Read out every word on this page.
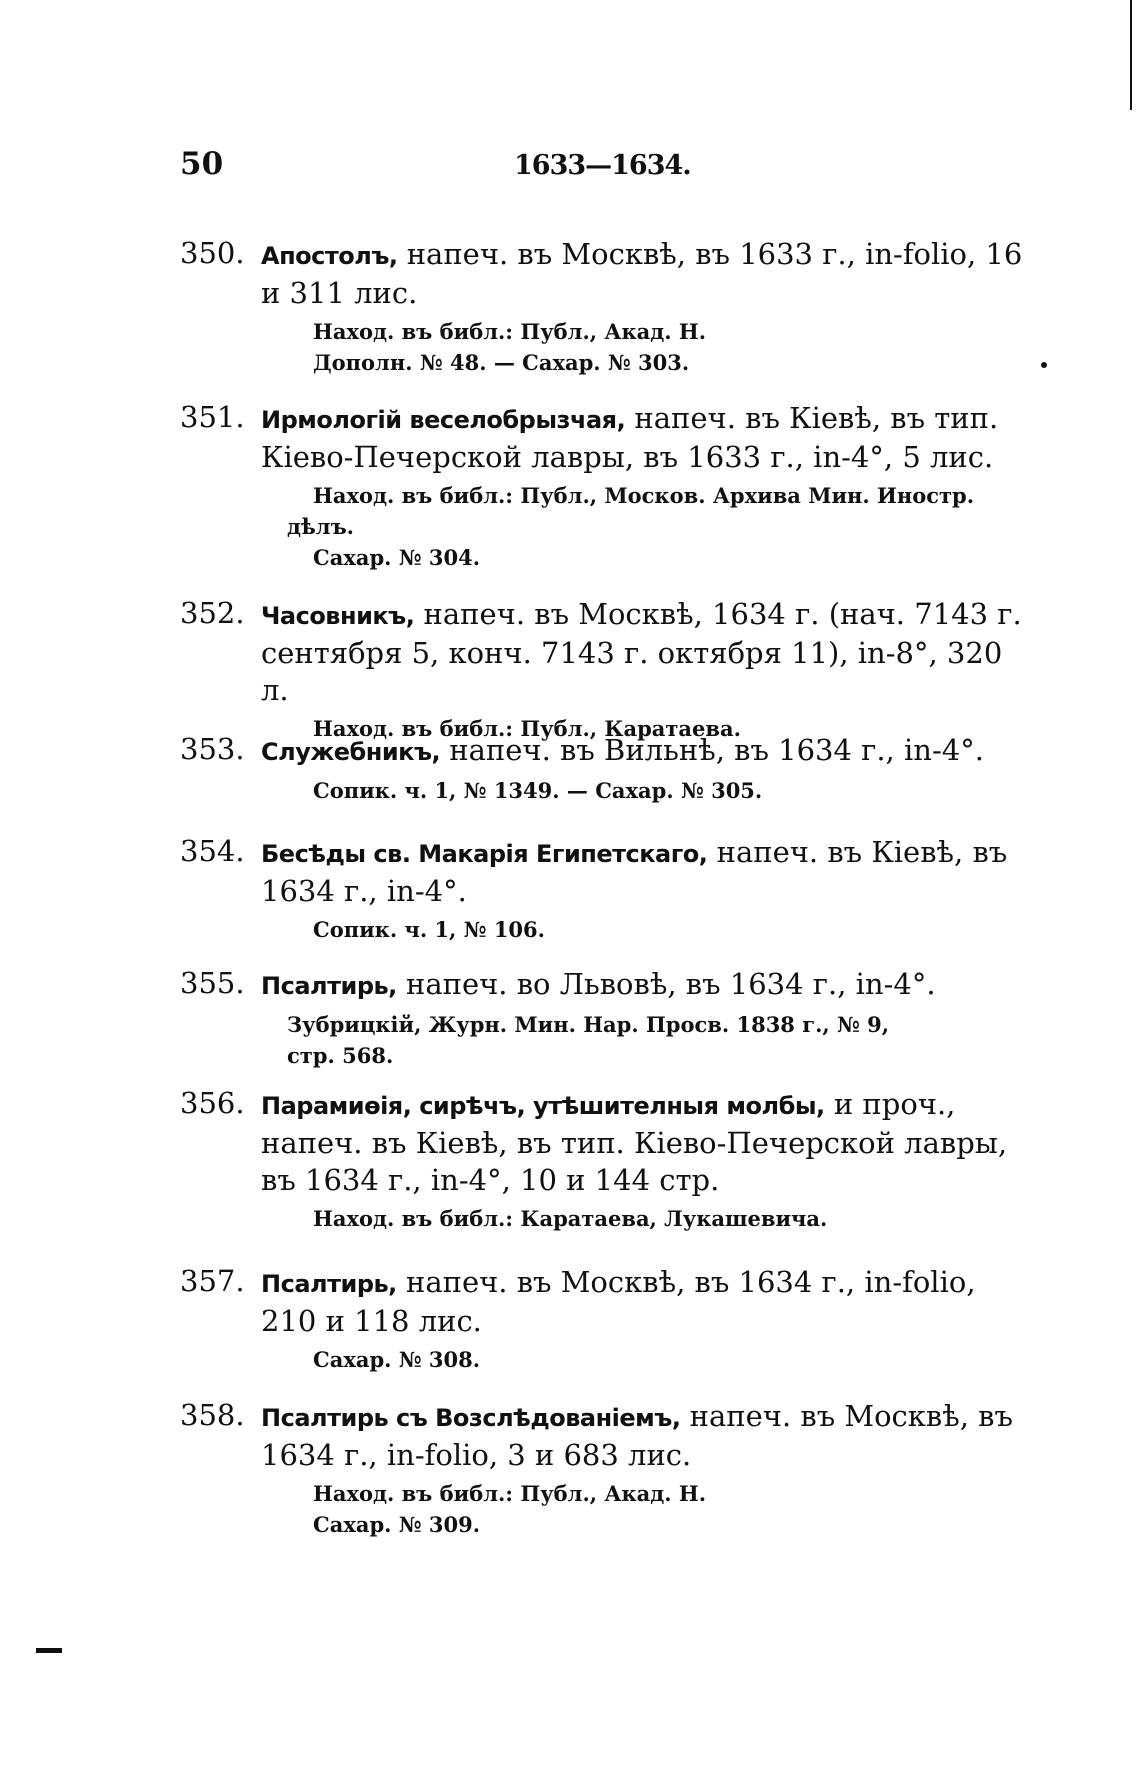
50	1633—1634.
350. Апостолъ, напеч. въ Москвѣ, въ 1633 г., in-folio, 16 и 311 лис.
Наход. въ библ.: Публ., Акад. Н.
Дополн. № 48. — Сахар. № 303.
351. Ирмологій веселобрызчая, напеч. въ Кіевѣ, въ тип. Кіево-Печерской лавры, въ 1633 г., in-4°, 5 лис.
Наход. въ библ.: Публ., Москов. Архива Мин. Иностр.
дѣлъ.
Сахар. № 304.
352. Часовникъ, напеч. въ Москвѣ, 1634 г. (нач. 7143 г. сентября 5, конч. 7143 г. октября 11), in-8°, 320 л.
Наход. въ библ.: Публ., Каратаева.
353. Служебникъ, напеч. въ Вильнѣ, въ 1634 г., in-4°.
Сопик. ч. 1, № 1349. — Сахар. № 305.
354. Бесѣды св. Макарія Египетскаго, напеч. въ Кіевѣ, въ 1634 г., in-4°.
Сопик. ч. 1, № 106.
355. Псалтирь, напеч. во Львовѣ, въ 1634 г., in-4°.
Зубрицкій, Журн. Мин. Нар. Просв. 1838 г., № 9,
стр. 568.
356. Парамиѳія, сирѣчъ, утѣшителныя молбы, и проч., напеч. въ Кіевѣ, въ тип. Кіево-Печерской лавры, въ 1634 г., in-4°, 10 и 144 стр.
Наход. въ библ.: Каратаева, Лукашевича.
357. Псалтирь, напеч. въ Москвѣ, въ 1634 г., in-folio, 210 и 118 лис.
Сахар. № 308.
358. Псалтирь съ Возслѣдованіемъ, напеч. въ Москвѣ, въ 1634 г., in-folio, 3 и 683 лис.
Наход. въ библ.: Публ., Акад. Н.
Сахар. № 309.
